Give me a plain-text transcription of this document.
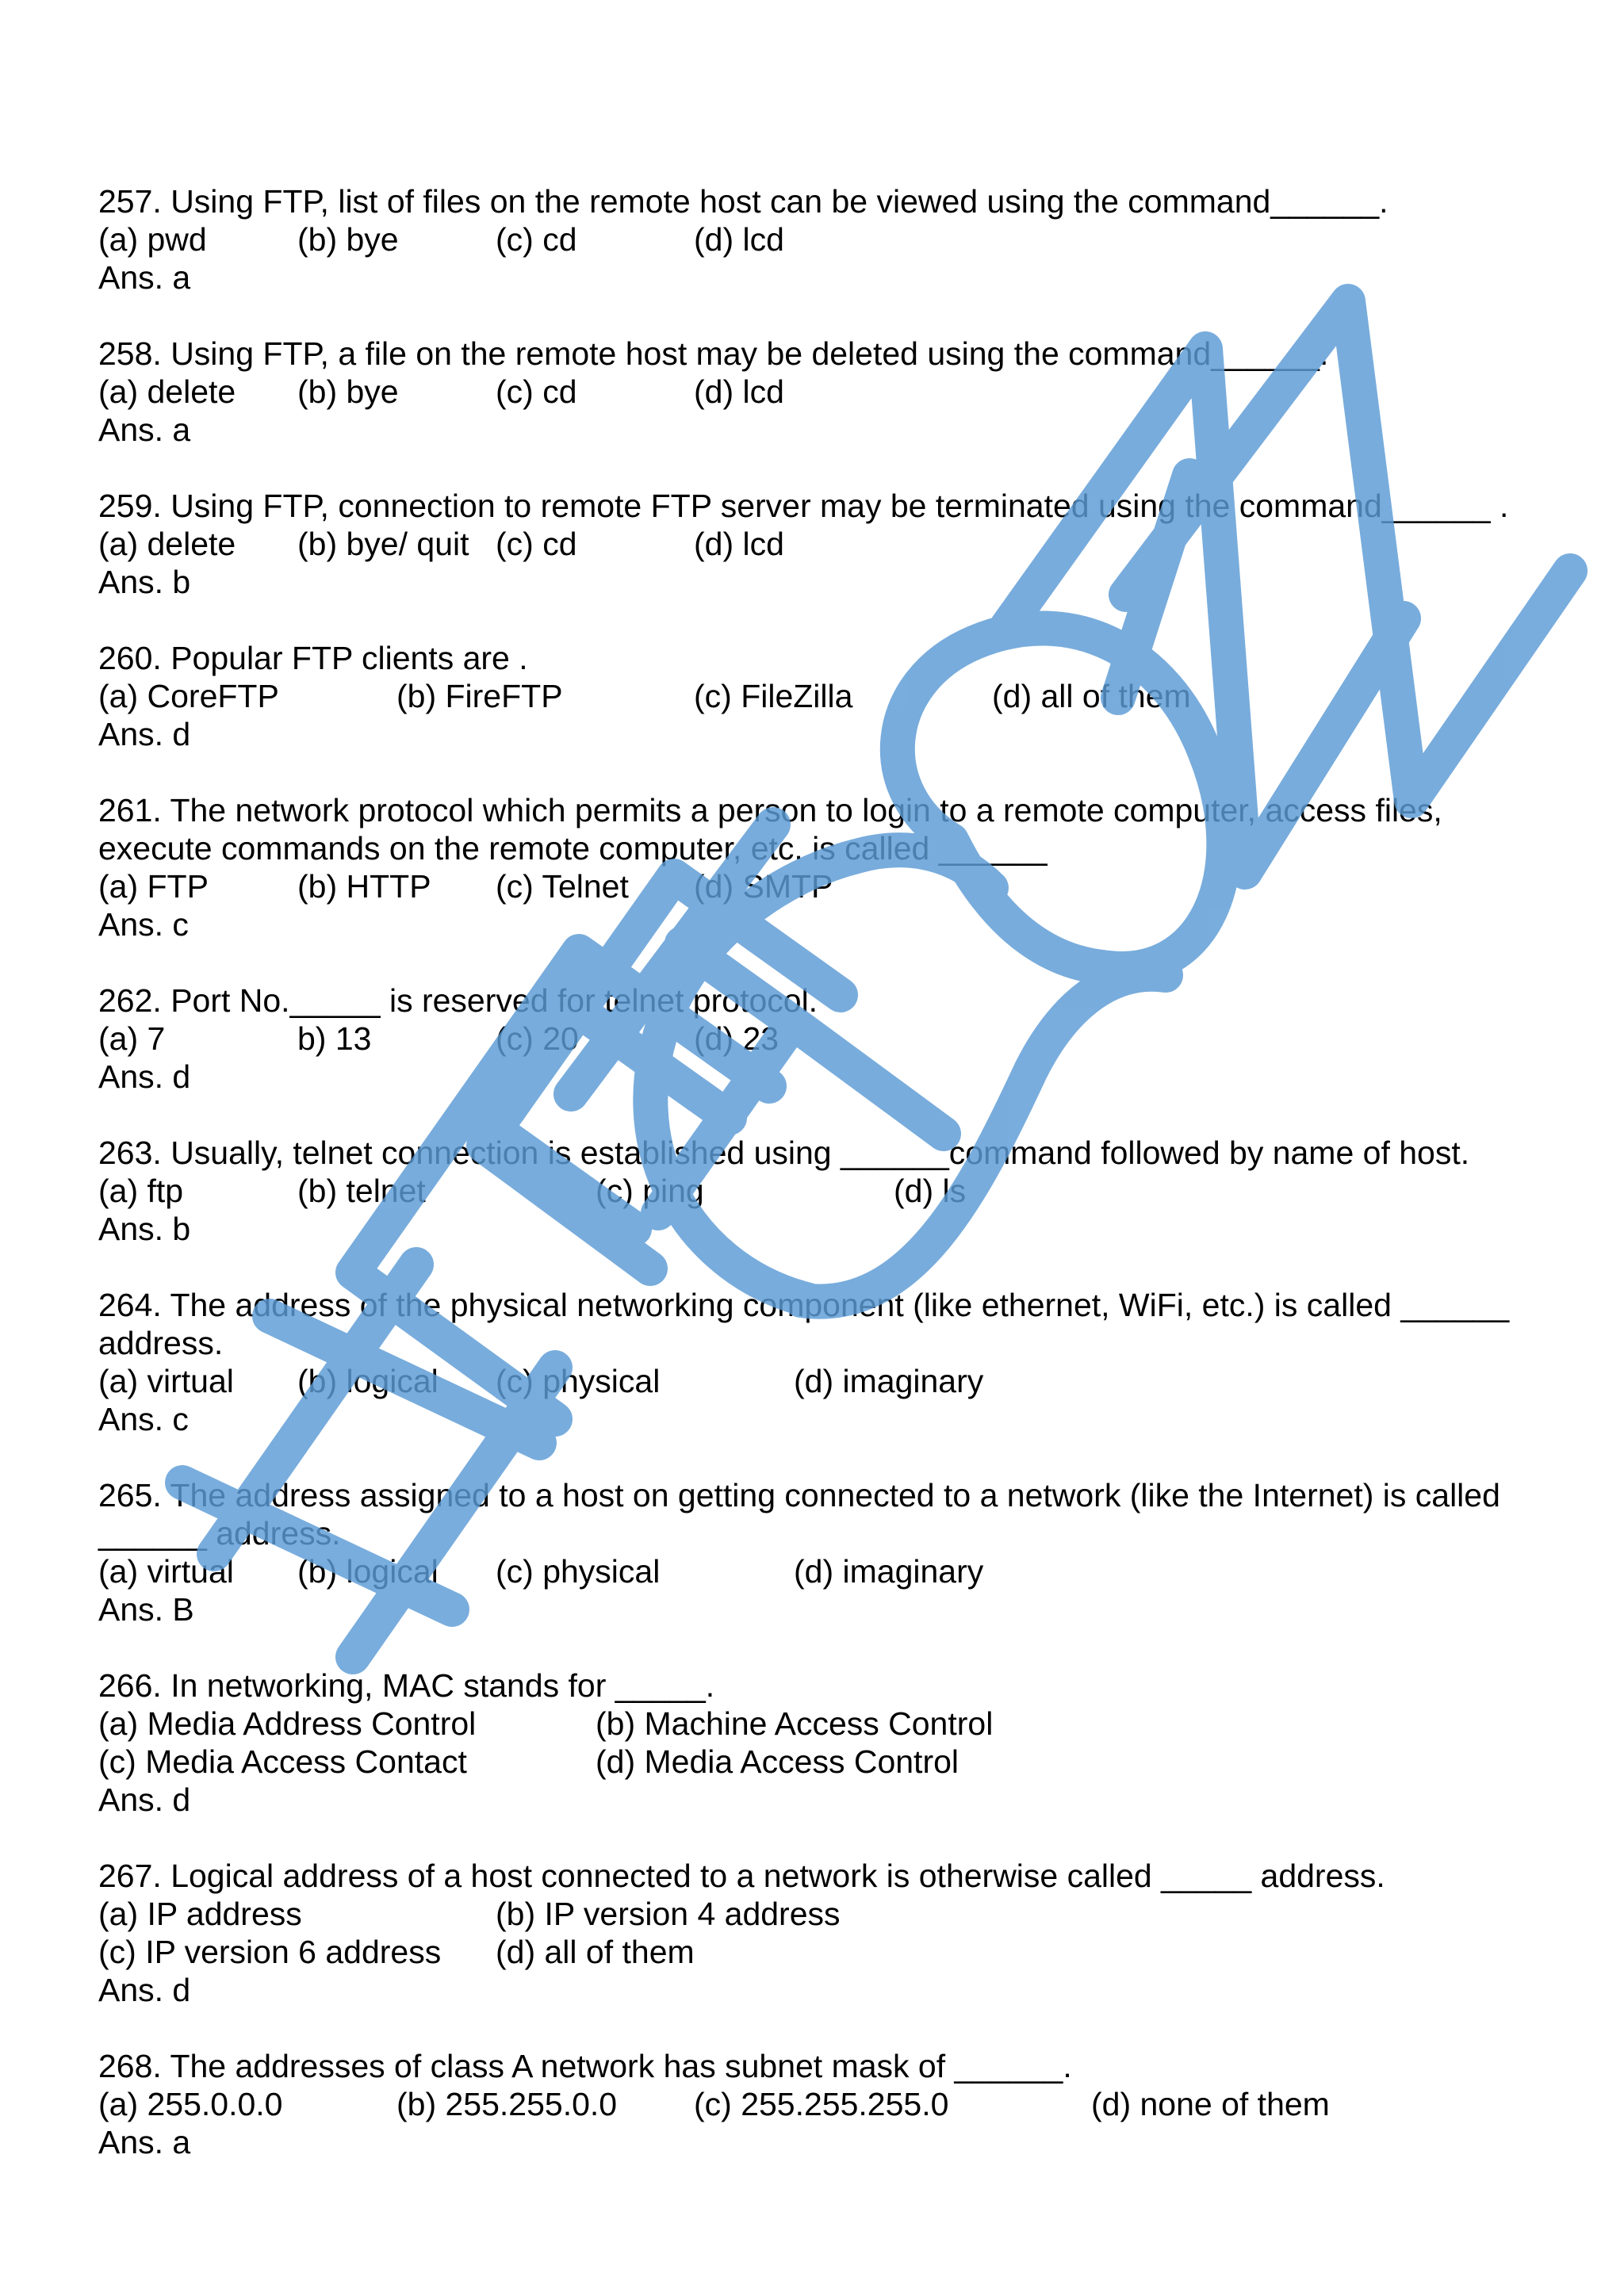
257. Using FTP, list of files on the remote host can be viewed using the command______.
(a) pwd	(b) bye	(c) cd	(d) lcd
Ans. a
258. Using FTP, a file on the remote host may be deleted using the command______.
(a) delete (b) bye	(c) cd	(d) lcd
Ans. a
259. Using FTP, connection to remote FTP server may be terminated using the command______ .
(a) delete (b) bye/ quit (c) cd	(d) lcd
Ans. b
260. Popular FTP clients are .
(a) CoreFTP	(b) FireFTP	(c) FileZilla	(d) all of them
Ans. d
261. The network protocol which permits a person to login to a remote computer, access files,
execute commands on the remote computer, etc. is called ______
(a) FTP	(b) HTTP (c) Telnet (d) SMTP
Ans. c
262. Port No._____ is reserved for telnet protocol.
(a) 7	b) 13	(c) 20	(d) 23
Ans. d
263. Usually, telnet connection is established using ______command followed by name of host.
(a) ftp	(b) telnet	(c) ping	(d) ls
Ans. b
264. The address of the physical networking component (like ethernet, WiFi, etc.) is called ______
address.
(a) virtual (b) logical (c) physical	(d) imaginary
Ans. c
265. The address assigned to a host on getting connected to a network (like the Internet) is called
______ address.
(a) virtual (b) logical (c) physical	(d) imaginary
Ans. B
266. In networking, MAC stands for _____.
(a) Media Address Control	(b) Machine Access Control
(c) Media Access Contact	(d) Media Access Control
Ans. d
267. Logical address of a host connected to a network is otherwise called _____ address.
(a) IP address	(b) IP version 4 address
(c) IP version 6 address (d) all of them
Ans. d
268. The addresses of class A network has subnet mask of ______.
(a) 255.0.0.0	(b) 255.255.0.0 (c) 255.255.255.0	(d) none of them
Ans. a
